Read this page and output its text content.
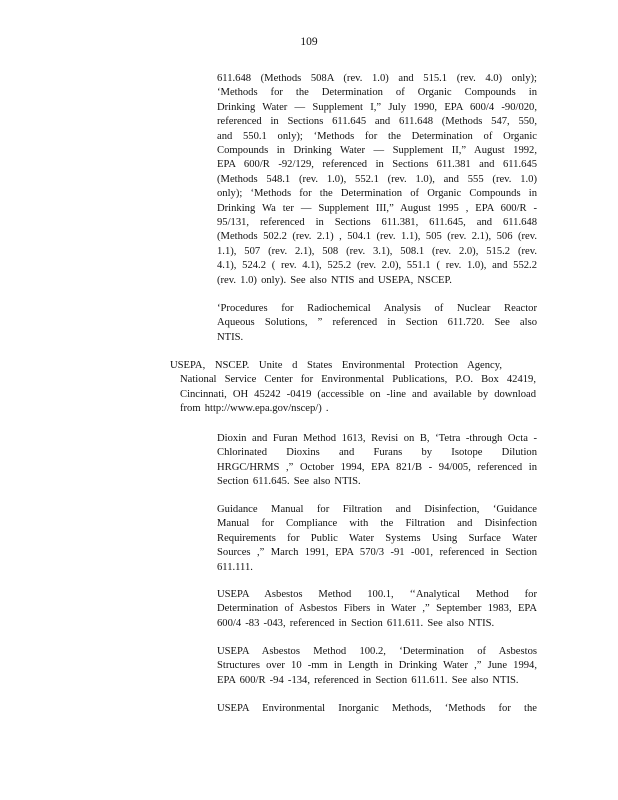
109

611.648 (Methods 508A (rev. 1.0) and 515.1 (rev. 4.0) only);
‘Methods for the Determination of Organic Compounds in
Drinking Water — Supplement I,” July 1990, EPA 600/4 -90/020,
referenced in Sections 611.645 and 611.648 (Methods 547, 550,
and 550.1 only); ‘Methods for the Determination of Organic
Compounds in Drinking Water — Supplement II,” August 1992,
EPA 600/R -92/129, referenced in Sections 611.381 and 611.645
(Methods 548.1 (rev. 1.0), 552.1 (rev. 1.0), and 555 (rev. 1.0)
only); ‘Methods for the Determination of Organic Compounds in
Drinking Wa ter — Supplement III,” August 1995 , EPA 600/R -
95/131, referenced in Sections 611.381, 611.645, and 611.648
(Methods 502.2 (rev. 2.1) , 504.1 (rev. 1.1), 505 (rev. 2.1), 506 (rev.
1.1), 507 (rev. 2.1), 508 (rev. 3.1), 508.1 (rev. 2.0), 515.2 (rev.
4.1), 524.2 ( rev. 4.1), 525.2 (rev. 2.0), 551.1 ( rev. 1.0), and 552.2
(rev. 1.0) only). See also NTIS and USEPA, NSCEP.

‘Procedures for Radiochemical Analysis of Nuclear Reactor
Aqueous Solutions, ” referenced in Section 611.720. See also
NTIS.

USEPA, NSCEP. Unite d States Environmental Protection Agency,
National Service Center for Environmental Publications, P.O. Box 42419,
Cincinnati, OH 45242 -0419 (accessible on -line and available by download
from http://www.epa.gov/nscep/) .

Dioxin and Furan Method 1613, Revisi on B, ‘Tetra -through Octa -
Chlorinated Dioxins and Furans by Isotope Dilution
HRGC/HRMS ,” October 1994, EPA 821/B - 94/005, referenced in
Section 611.645. See also NTIS.

Guidance Manual for Filtration and Disinfection, ‘Guidance
Manual for Compliance with the Filtration and Disinfection
Requirements for Public Water Systems Using Surface Water
Sources ,” March 1991, EPA 570/3 -91 -001, referenced in Section
611.111.

USEPA Asbestos Method 100.1, ‘‘Analytical Method for
Determination of Asbestos Fibers in Water ,” September 1983, EPA
600/4 -83 -043, referenced in Section 611.611. See also NTIS.

USEPA Asbestos Method 100.2, ‘Determination of Asbestos
Structures over 10 -mm in Length in Drinking Water ,” June 1994,
EPA 600/R -94 -134, referenced in Section 611.611. See also NTIS.

USEPA Environmental Inorganic Methods, ‘Methods for the
